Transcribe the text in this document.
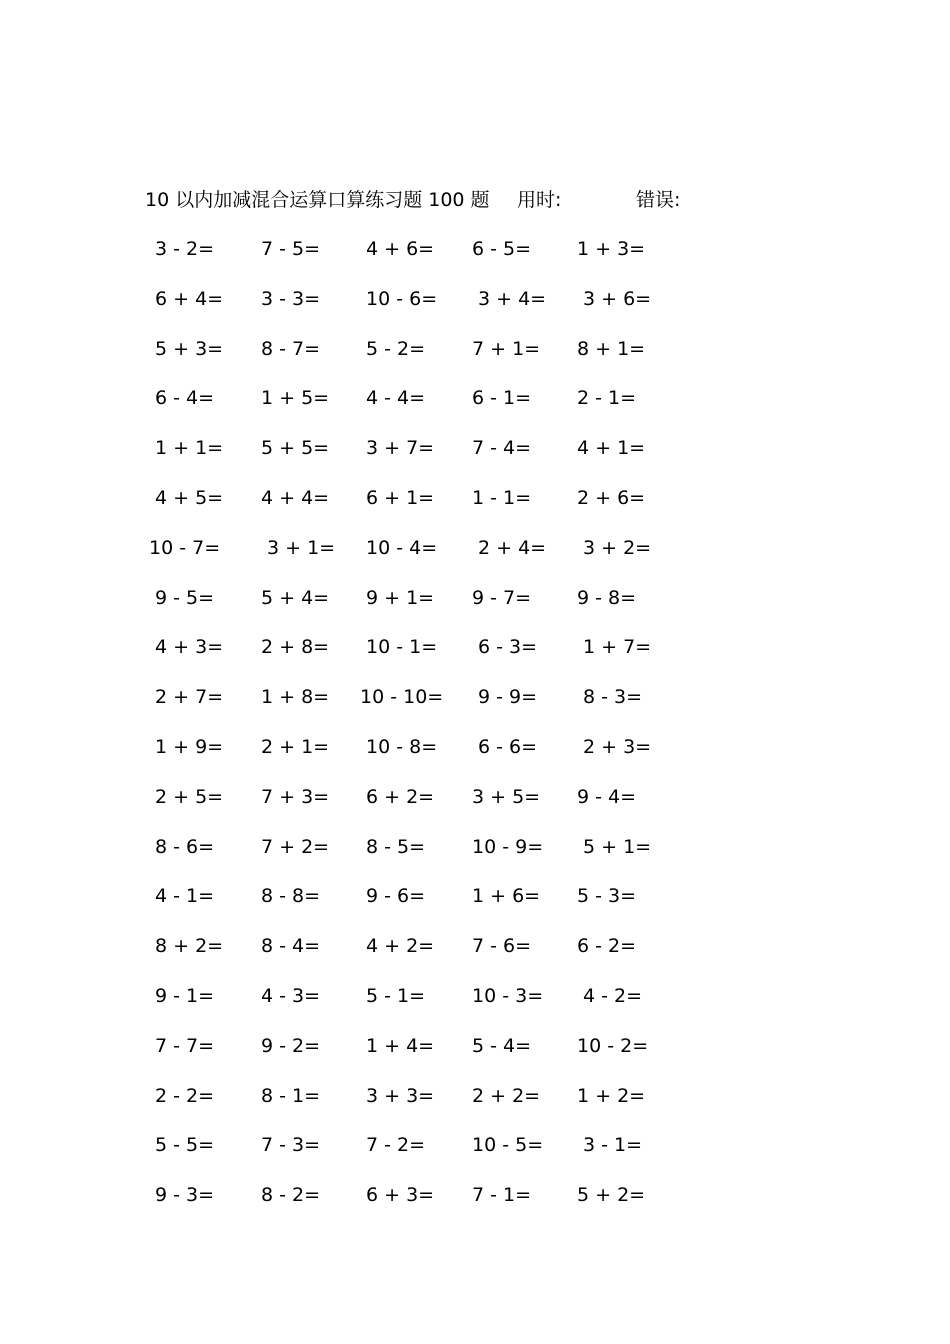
10 以内加减混合运算口算练习题 100 题 用时:	错误:
3 - 2= 7 - 5= 4 + 6= 6 - 5= 1 + 3=
6 + 4= 3 - 3= 10 - 6= 3 + 4= 3 + 6=
5 + 3= 8 - 7= 5 - 2= 7 + 1= 8 + 1=
6 - 4= 1 + 5= 4 - 4= 6 - 1= 2 - 1=
1 + 1= 5 + 5= 3 + 7= 7 - 4= 4 + 1=
4 + 5= 4 + 4= 6 + 1= 1 - 1= 2 + 6=
10 - 7= 3 + 1= 10 - 4= 2 + 4= 3 + 2=
9 - 5= 5 + 4= 9 + 1= 9 - 7= 9 - 8=
4 + 3= 2 + 8= 10 - 1= 6 - 3= 1 + 7=
2 + 7= 1 + 8= 10 - 10= 9 - 9= 8 - 3=
1 + 9= 2 + 1= 10 - 8= 6 - 6= 2 + 3=
2 + 5= 7 + 3= 6 + 2= 3 + 5= 9 - 4=
8 - 6= 7 + 2= 8 - 5= 10 - 9= 5 + 1=
4 - 1= 8 - 8= 9 - 6= 1 + 6= 5 - 3=
8 + 2= 8 - 4= 4 + 2= 7 - 6= 6 - 2=
9 - 1= 4 - 3= 5 - 1= 10 - 3= 4 - 2=
7 - 7= 9 - 2= 1 + 4= 5 - 4= 10 - 2=
2 - 2= 8 - 1= 3 + 3= 2 + 2= 1 + 2=
5 - 5= 7 - 3= 7 - 2= 10 - 5= 3 - 1=
9 - 3= 8 - 2= 6 + 3= 7 - 1= 5 + 2=
